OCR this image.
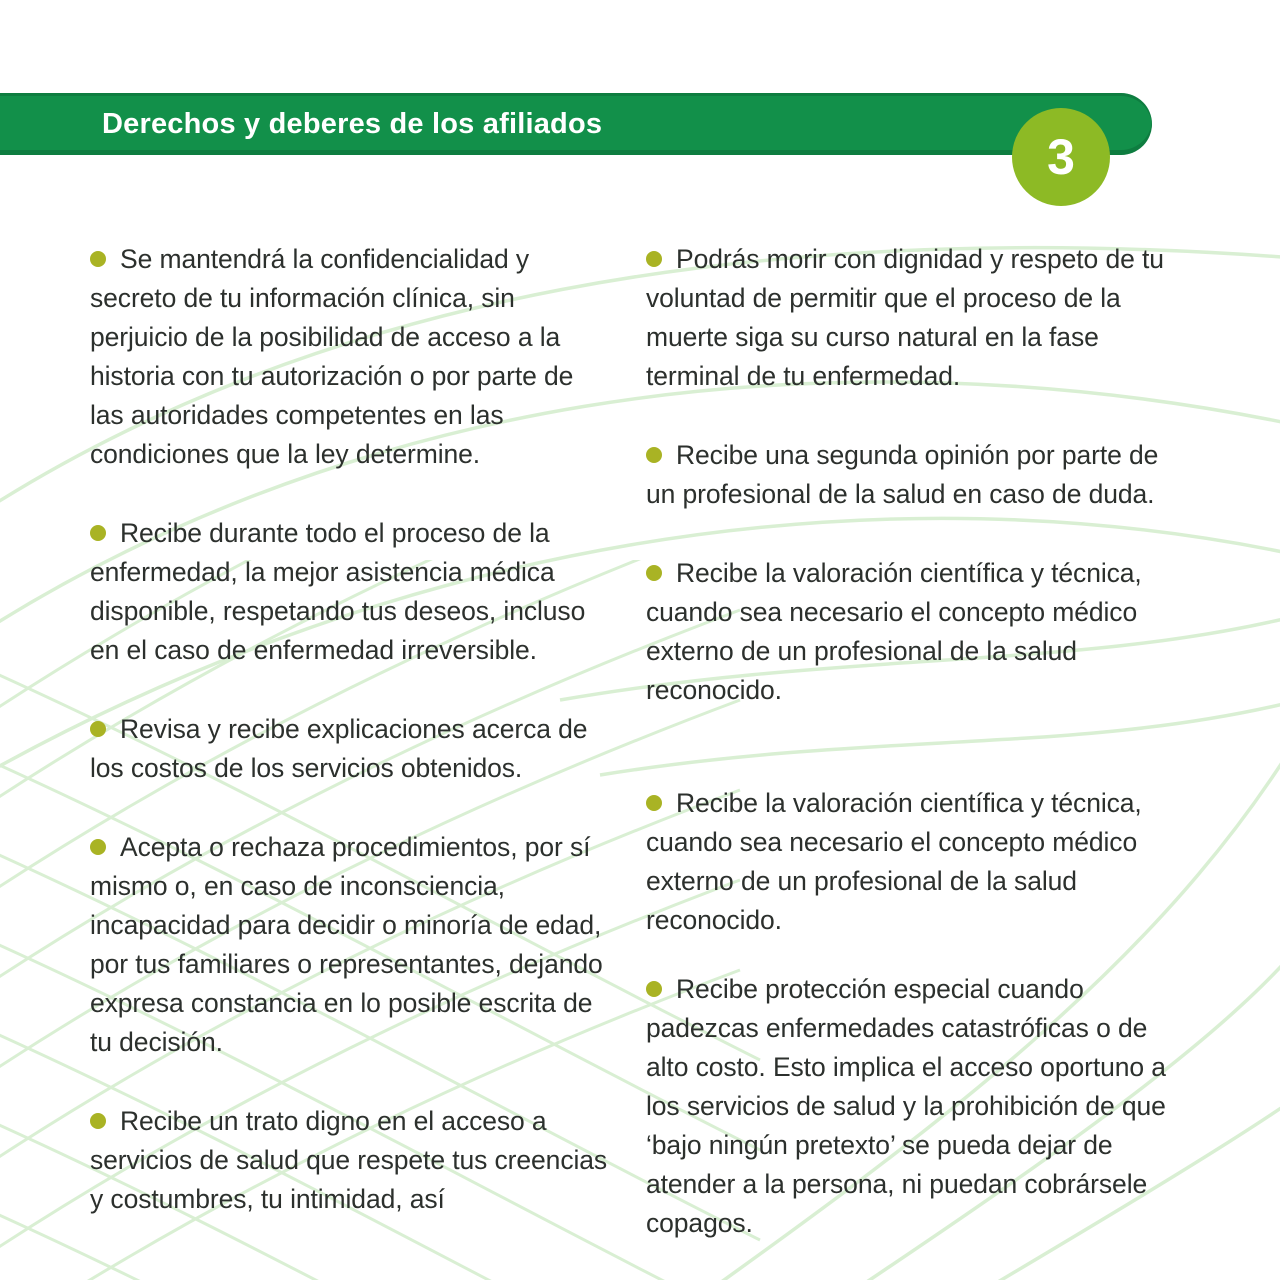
Derechos y deberes de los afiliados
3

Se mantendrá la confidencialidad y secreto de tu información clínica, sin perjuicio de la posibilidad de acceso a la historia con tu autorización o por parte de las autoridades competentes en las condiciones que la ley determine.

Recibe durante todo el proceso de la enfermedad, la mejor asistencia médica disponible, respetando tus deseos, incluso en el caso de enfermedad irreversible.

Revisa y recibe explicaciones acerca de los costos de los servicios obtenidos.

Acepta o rechaza procedimientos, por sí mismo o, en caso de inconsciencia, incapacidad para decidir o minoría de edad, por tus familiares o representantes, dejando expresa constancia en lo posible escrita de tu decisión.

Recibe un trato digno en el acceso a servicios de salud que respete tus creencias y costumbres, tu intimidad, así

Podrás morir con dignidad y respeto de tu voluntad de permitir que el proceso de la muerte siga su curso natural en la fase terminal de tu enfermedad.

Recibe una segunda opinión por parte de un profesional de la salud en caso de duda.

Recibe la valoración científica y técnica, cuando sea necesario el concepto médico externo de un profesional de la salud reconocido.

Recibe la valoración científica y técnica, cuando sea necesario el concepto médico externo de un profesional de la salud reconocido.

Recibe protección especial cuando padezcas enfermedades catastróficas o de alto costo. Esto implica el acceso oportuno a los servicios de salud y la prohibición de que ‘bajo ningún pretexto’ se pueda dejar de atender a la persona, ni puedan cobrársele copagos.
